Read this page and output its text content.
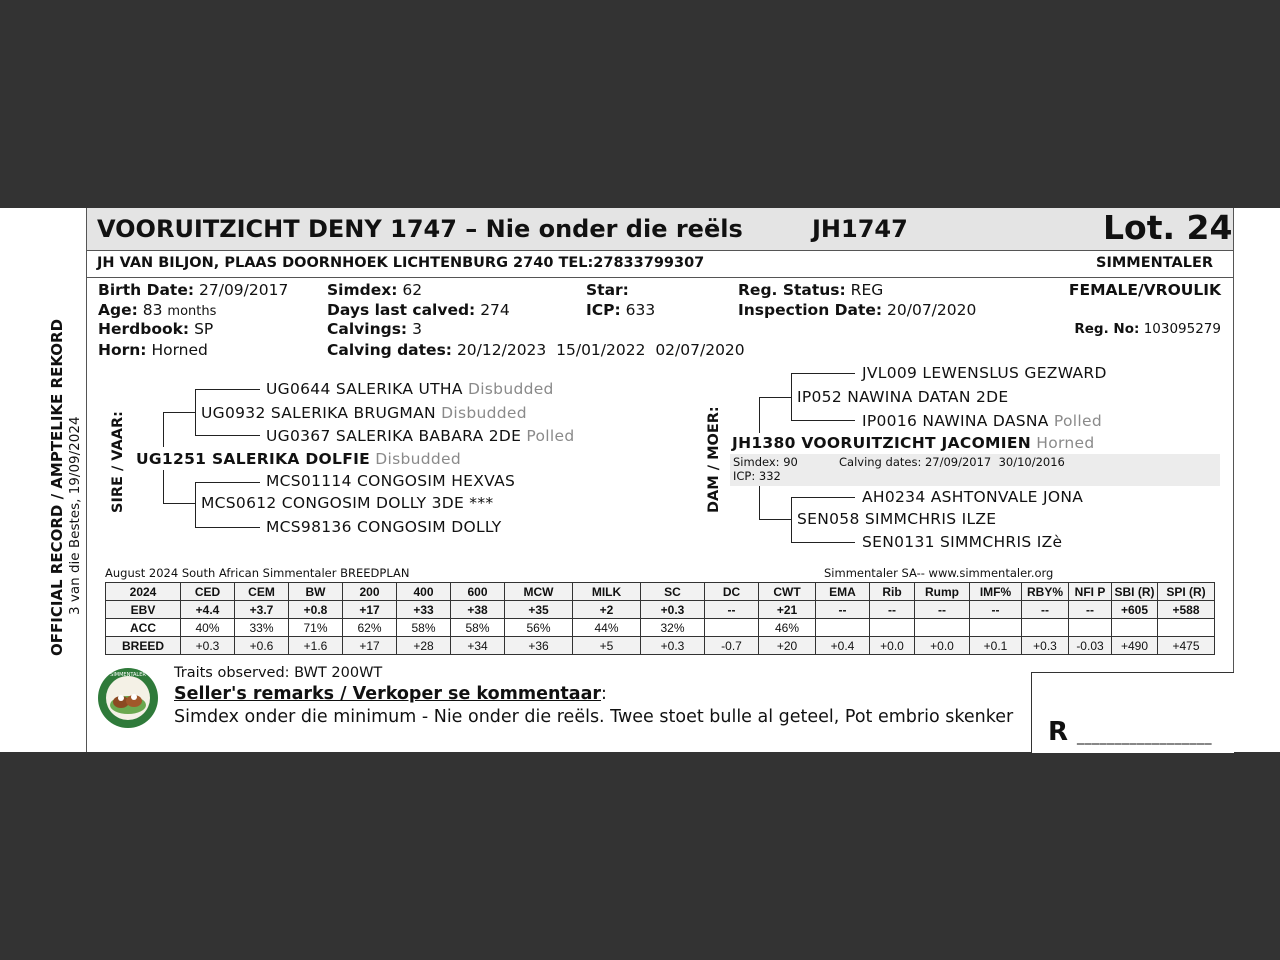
OFFICIAL RECORD / AMPTELIKE REKORD 3 van die Bestes, 19/09/2024
VOORUITZICHT DENY 1747 – Nie onder die reëls	JH1747	Lot. 24
JH VAN BILJON, PLAAS DOORNHOEK LICHTENBURG 2740 TEL:27833799307	SIMMENTALER
Birth Date: 27/09/2017
Age: 83 months
Herdbook: SP
Horn: Horned
Simdex: 62
Days last calved: 274
Calvings: 3
Calving dates: 20/12/2023  15/01/2022  02/07/2020
Star:
ICP: 633
Reg. Status: REG
Inspection Date: 20/07/2020
FEMALE/VROULIK
Reg. No: 103095279
SIRE / VAAR:
UG0644 SALERIKA UTHA Disbudded
UG0932 SALERIKA BRUGMAN Disbudded
UG0367 SALERIKA BABARA 2DE Polled
UG1251 SALERIKA DOLFIE Disbudded
MCS01114 CONGOSIM HEXVAS
MCS0612 CONGOSIM DOLLY 3DE ***
MCS98136 CONGOSIM DOLLY
DAM / MOER:
JVL009 LEWENSLUS GEZWARD
IP052 NAWINA DATAN 2DE
IP0016 NAWINA DASNA Polled
JH1380 VOORUITZICHT JACOMIEN Horned
Simdex: 90
ICP: 332
Calving dates: 27/09/2017  30/10/2016
AH0234 ASHTONVALE JONA
SEN058 SIMMCHRIS ILZE
SEN0131 SIMMCHRIS IZè
August 2024 South African Simmentaler BREEDPLAN	Simmentaler SA-- www.simmentaler.org
2024	CED	CEM	BW	200	400	600	MCW	MILK	SC	DC	CWT	EMA	Rib	Rump	IMF%	RBY%	NFI P	SBI (R)	SPI (R)
EBV	+4.4	+3.7	+0.8	+17	+33	+38	+35	+2	+0.3	--	+21	--	--	--	--	--	--	+605	+588
ACC	40%	33%	71%	62%	58%	58%	56%	44%	32%		46%								
BREED	+0.3	+0.6	+1.6	+17	+28	+34	+36	+5	+0.3	-0.7	+20	+0.4	+0.0	+0.0	+0.1	+0.3	-0.03	+490	+475
SIMMENTALER Traits observed: BWT 200WT
Seller's remarks / Verkoper se kommentaar:
Simdex onder die minimum - Nie onder die reëls. Twee stoet bulle al geteel, Pot embrio skenker R __________________
